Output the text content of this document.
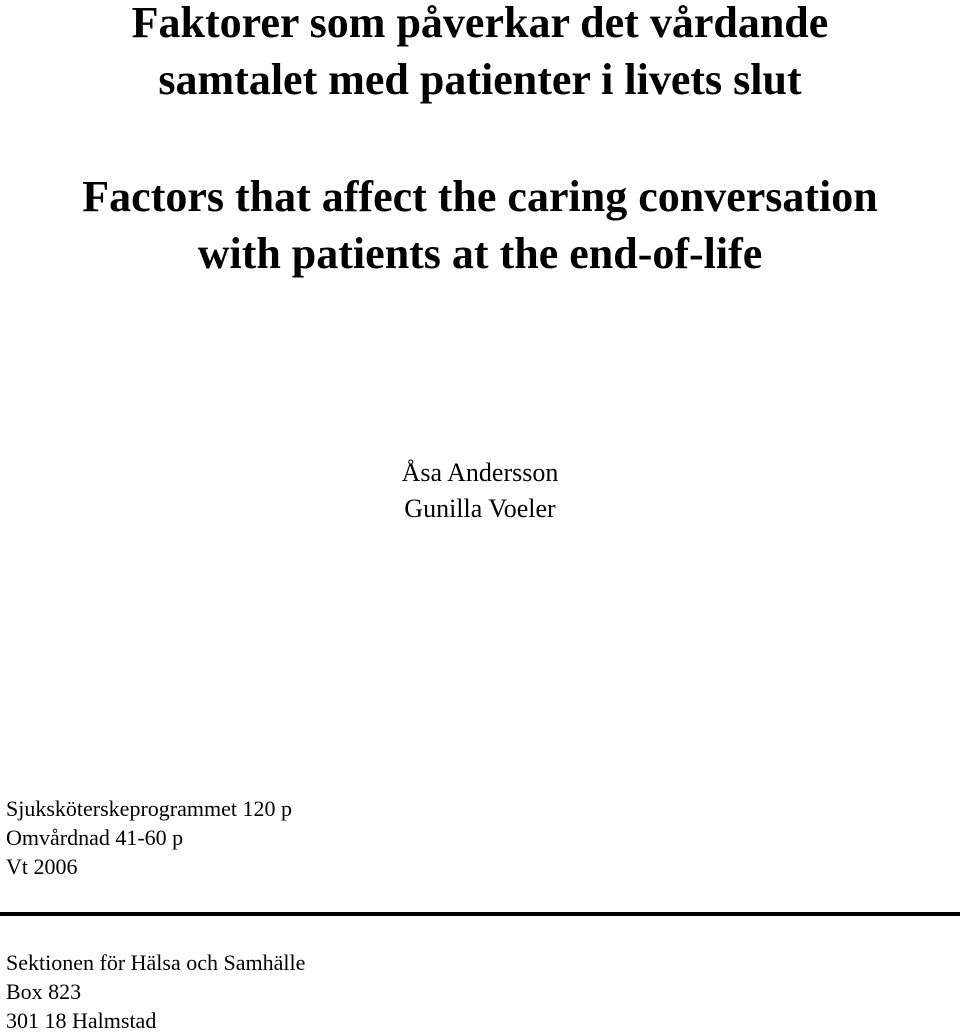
Faktorer som påverkar det vårdande
samtalet med patienter i livets slut
Factors that affect the caring conversation
with patients at the end-of-life
Åsa Andersson
Gunilla Voeler
Sjuksköterskeprogrammet 120 p
Omvårdnad 41-60 p
Vt 2006
Sektionen för Hälsa och Samhälle
Box 823
301 18 Halmstad
